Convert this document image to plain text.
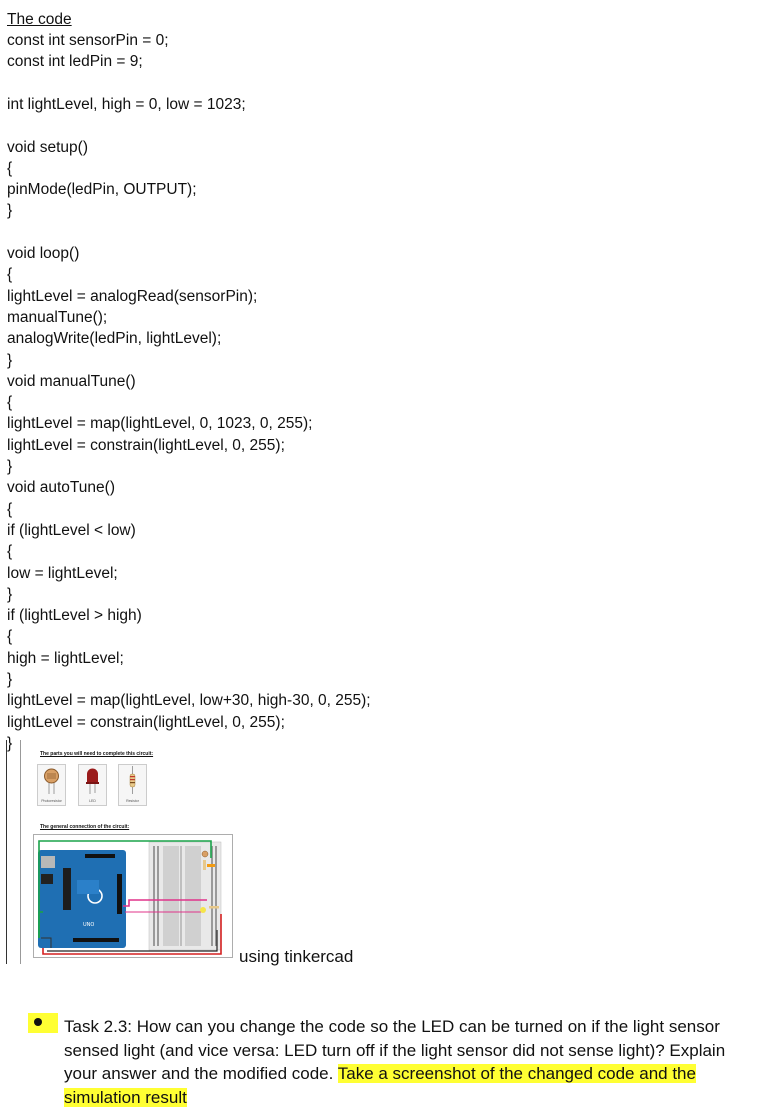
The code
const int sensorPin = 0;
const int ledPin = 9;
int lightLevel, high = 0, low = 1023;
void setup()
{
pinMode(ledPin, OUTPUT);
}
void loop()
{
lightLevel = analogRead(sensorPin);
manualTune();
analogWrite(ledPin, lightLevel);
}
void manualTune()
{
lightLevel = map(lightLevel, 0, 1023, 0, 255);
lightLevel = constrain(lightLevel, 0, 255);
}
void autoTune()
{
if (lightLevel < low)
{
low = lightLevel;
}
if (lightLevel > high)
{
high = lightLevel;
}
lightLevel = map(lightLevel, low+30, high-30, 0, 255);
lightLevel = constrain(lightLevel, 0, 255);
}
The parts you will need to complete this circuit:
Photoresistor	LED	Resistor
The general connection of the circuit:
UNO
using tinkercad
Task 2.3: How can you change the code so the LED can be turned on if the light sensor sensed light (and vice versa: LED turn off if the light sensor did not sense light)? Explain your answer and the modified code. Take a screenshot of the changed code and the simulation result
